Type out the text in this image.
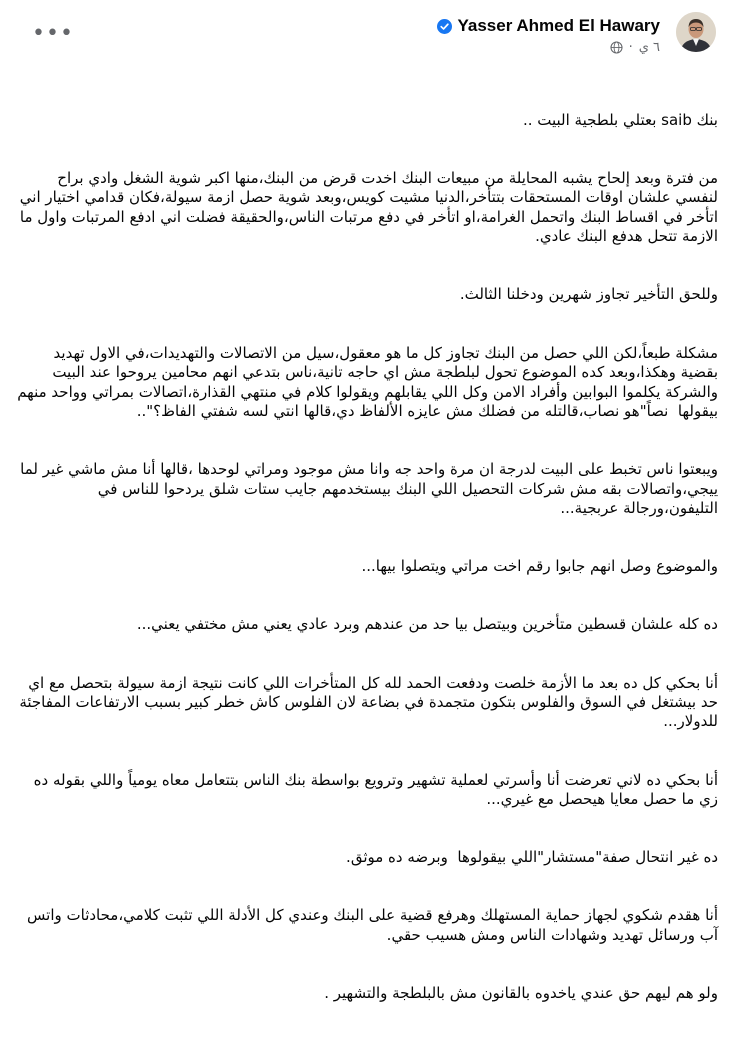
•••	Yasser Ahmed El Hawary
· ٦ ي

بنك saib بعتلي بلطجية البيت ..

من فترة وبعد إلحاح يشبه المحايلة من مبيعات البنك اخدت قرض من البنك،منها اكبر شوية الشغل وادي براح لنفسي علشان اوقات المستحقات بتتأخر،الدنيا مشيت كويس،وبعد شوية حصل ازمة سيولة،فكان قدامي اختيار اني اتأخر في اقساط البنك واتحمل الغرامة،او اتأخر في دفع مرتبات الناس،والحقيقة فضلت اني ادفع المرتبات واول ما الازمة تتحل هدفع البنك عادي.

وللحق التأخير تجاوز شهرين ودخلنا الثالث.

مشكلة طبعاً،لكن اللي حصل من البنك تجاوز كل ما هو معقول،سيل من الاتصالات والتهديدات،في الاول تهديد بقضية وهكذا،وبعد كده الموضوع تحول لبلطجة مش اي حاجه تانية،ناس بتدعي انهم محامين يروحوا عند البيت والشركة يكلموا البوابين وأفراد الامن وكل اللي يقابلهم ويقولوا كلام في منتهي القذارة،اتصالات بمراتي وواحد منهم بيقولها  نصاً"هو نصاب،قالتله من فضلك مش عايزه الألفاظ دي،قالها انتي لسه شفتي الفاظ؟"..

ويبعتوا ناس تخبط على البيت لدرجة ان مرة واحد جه وانا مش موجود ومراتي لوحدها ،قالها أنا مش ماشي غير لما ييجي،واتصالات بقه مش شركات التحصيل اللي البنك بيستخدمهم جايب ستات شلق يردحوا للناس في التليفون،ورجالة عربجية...

والموضوع وصل انهم جابوا رقم اخت مراتي ويتصلوا بيها...

ده كله علشان قسطين متأخرين وبيتصل بيا حد من عندهم وبرد عادي يعني مش مختفي يعني...

أنا بحكي كل ده بعد ما الأزمة خلصت ودفعت الحمد لله كل المتأخرات اللي كانت نتيجة ازمة سيولة بتحصل مع اي حد بيشتغل في السوق والفلوس بتكون متجمدة في بضاعة لان الفلوس كاش خطر كبير بسبب الارتفاعات المفاجئة للدولار...

أنا بحكي ده لاني تعرضت أنا وأسرتي لعملية تشهير وترويع بواسطة بنك الناس بتتعامل معاه يومياً واللي بقوله ده زي ما حصل معايا هيحصل مع غيري...

ده غير انتحال صفة"مستشار"اللي بيقولوها  وبرضه ده موثق.

أنا هقدم شكوي لجهاز حماية المستهلك وهرفع قضية على البنك وعندي كل الأدلة اللي تثبت كلامي،محادثات واتس آب ورسائل تهديد وشهادات الناس ومش هسيب حقي.

ولو هم ليهم حق عندي ياخدوه بالقانون مش بالبلطجة والتشهير .
